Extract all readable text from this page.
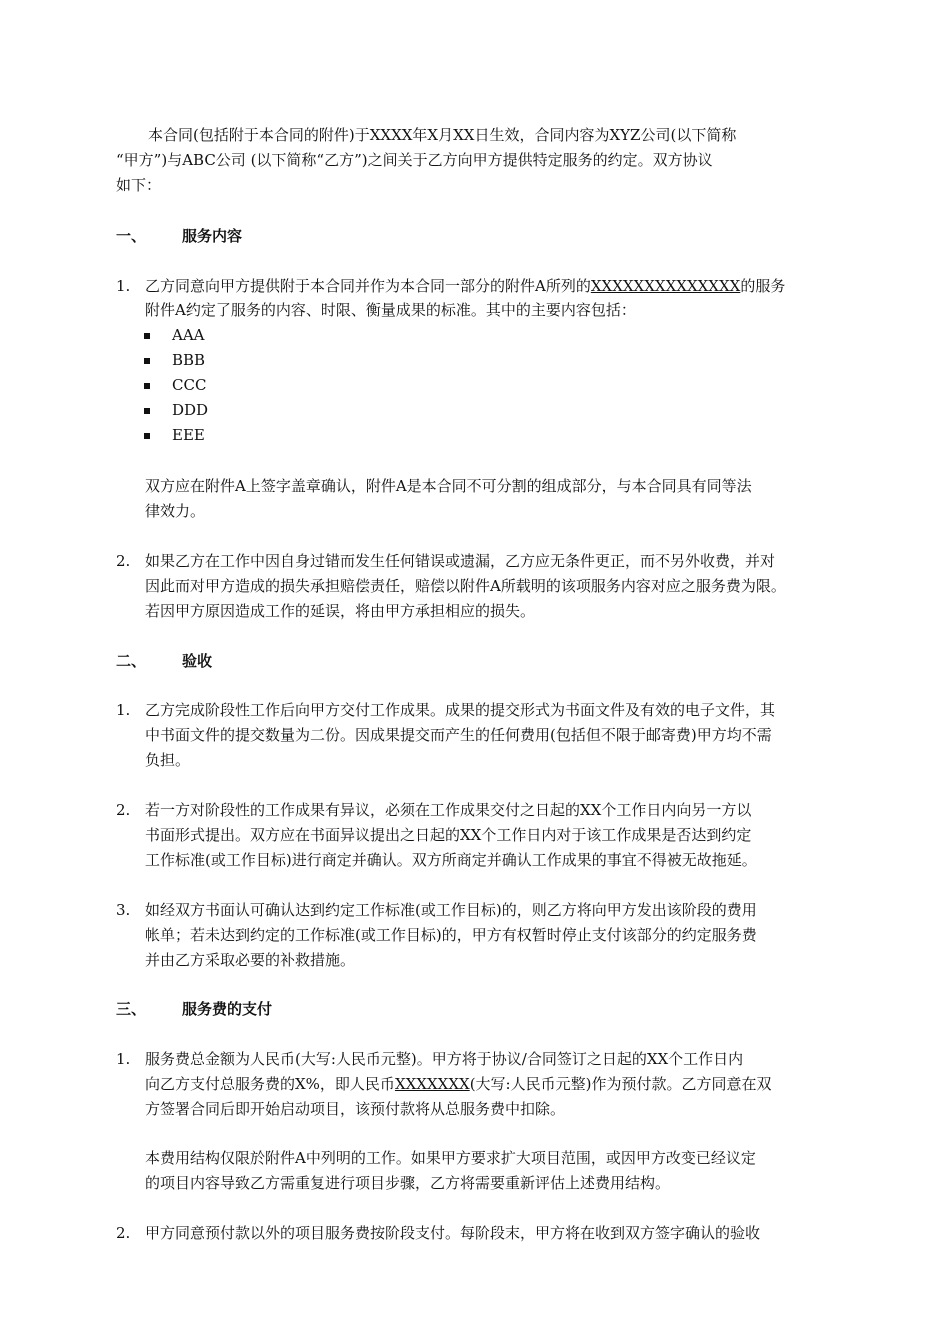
本合同(包括附于本合同的附件)于XXXX年X月XX日生效，合同内容为XYZ公司(以下简称
“甲方”)与ABC公司 (以下简称“乙方”)之间关于乙方向甲方提供特定服务的约定。双方协议
如下：
一、 服务内容
1. 乙方同意向甲方提供附于本合同并作为本合同一部分的附件A所列的XXXXXXXXXXXXXX的服务
附件A约定了服务的内容、时限、衡量成果的标准。其中的主要内容包括：
AAA
BBB
CCC
DDD
EEE
双方应在附件A上签字盖章确认，附件A是本合同不可分割的组成部分，与本合同具有同等法
律效力。
2. 如果乙方在工作中因自身过错而发生任何错误或遗漏，乙方应无条件更正，而不另外收费，并对
因此而对甲方造成的损失承担赔偿责任，赔偿以附件A所载明的该项服务内容对应之服务费为限。
若因甲方原因造成工作的延误，将由甲方承担相应的损失。
二、 验收
1. 乙方完成阶段性工作后向甲方交付工作成果。成果的提交形式为书面文件及有效的电子文件，其
中书面文件的提交数量为二份。因成果提交而产生的任何费用(包括但不限于邮寄费)甲方均不需
负担。
2. 若一方对阶段性的工作成果有异议，必须在工作成果交付之日起的XX个工作日内向另一方以
书面形式提出。双方应在书面异议提出之日起的XX个工作日内对于该工作成果是否达到约定
工作标准(或工作目标)进行商定并确认。双方所商定并确认工作成果的事宜不得被无故拖延。
3. 如经双方书面认可确认达到约定工作标准(或工作目标)的，则乙方将向甲方发出该阶段的费用
帐单；若未达到约定的工作标准(或工作目标)的，甲方有权暂时停止支付该部分的约定服务费
并由乙方采取必要的补救措施。
三、 服务费的支付
1. 服务费总金额为人民币(大写:人民币元整)。甲方将于协议/合同签订之日起的XX个工作日内
向乙方支付总服务费的X%，即人民币XXXXXXX(大写:人民币元整)作为预付款。乙方同意在双
方签署合同后即开始启动项目，该预付款将从总服务费中扣除。
本费用结构仅限於附件A中列明的工作。如果甲方要求扩大项目范围，或因甲方改变已经议定
的项目内容导致乙方需重复进行项目步骤，乙方将需要重新评估上述费用结构。
2. 甲方同意预付款以外的项目服务费按阶段支付。每阶段末，甲方将在收到双方签字确认的验收
